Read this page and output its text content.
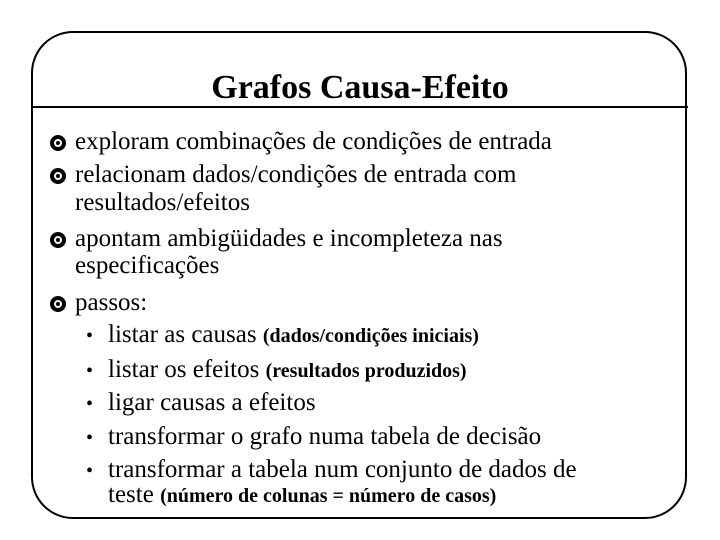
Grafos Causa-Efeito
exploram combinações de condições de entrada
relacionam dados/condições de entrada com
resultados/efeitos
apontam ambigüidades e incompleteza nas
especificações
passos:
• listar as causas (dados/condições iniciais)
• listar os efeitos (resultados produzidos)
• ligar causas a efeitos
• transformar o grafo numa tabela de decisão
• transformar a tabela num conjunto de dados de
teste (número de colunas = número de casos)
